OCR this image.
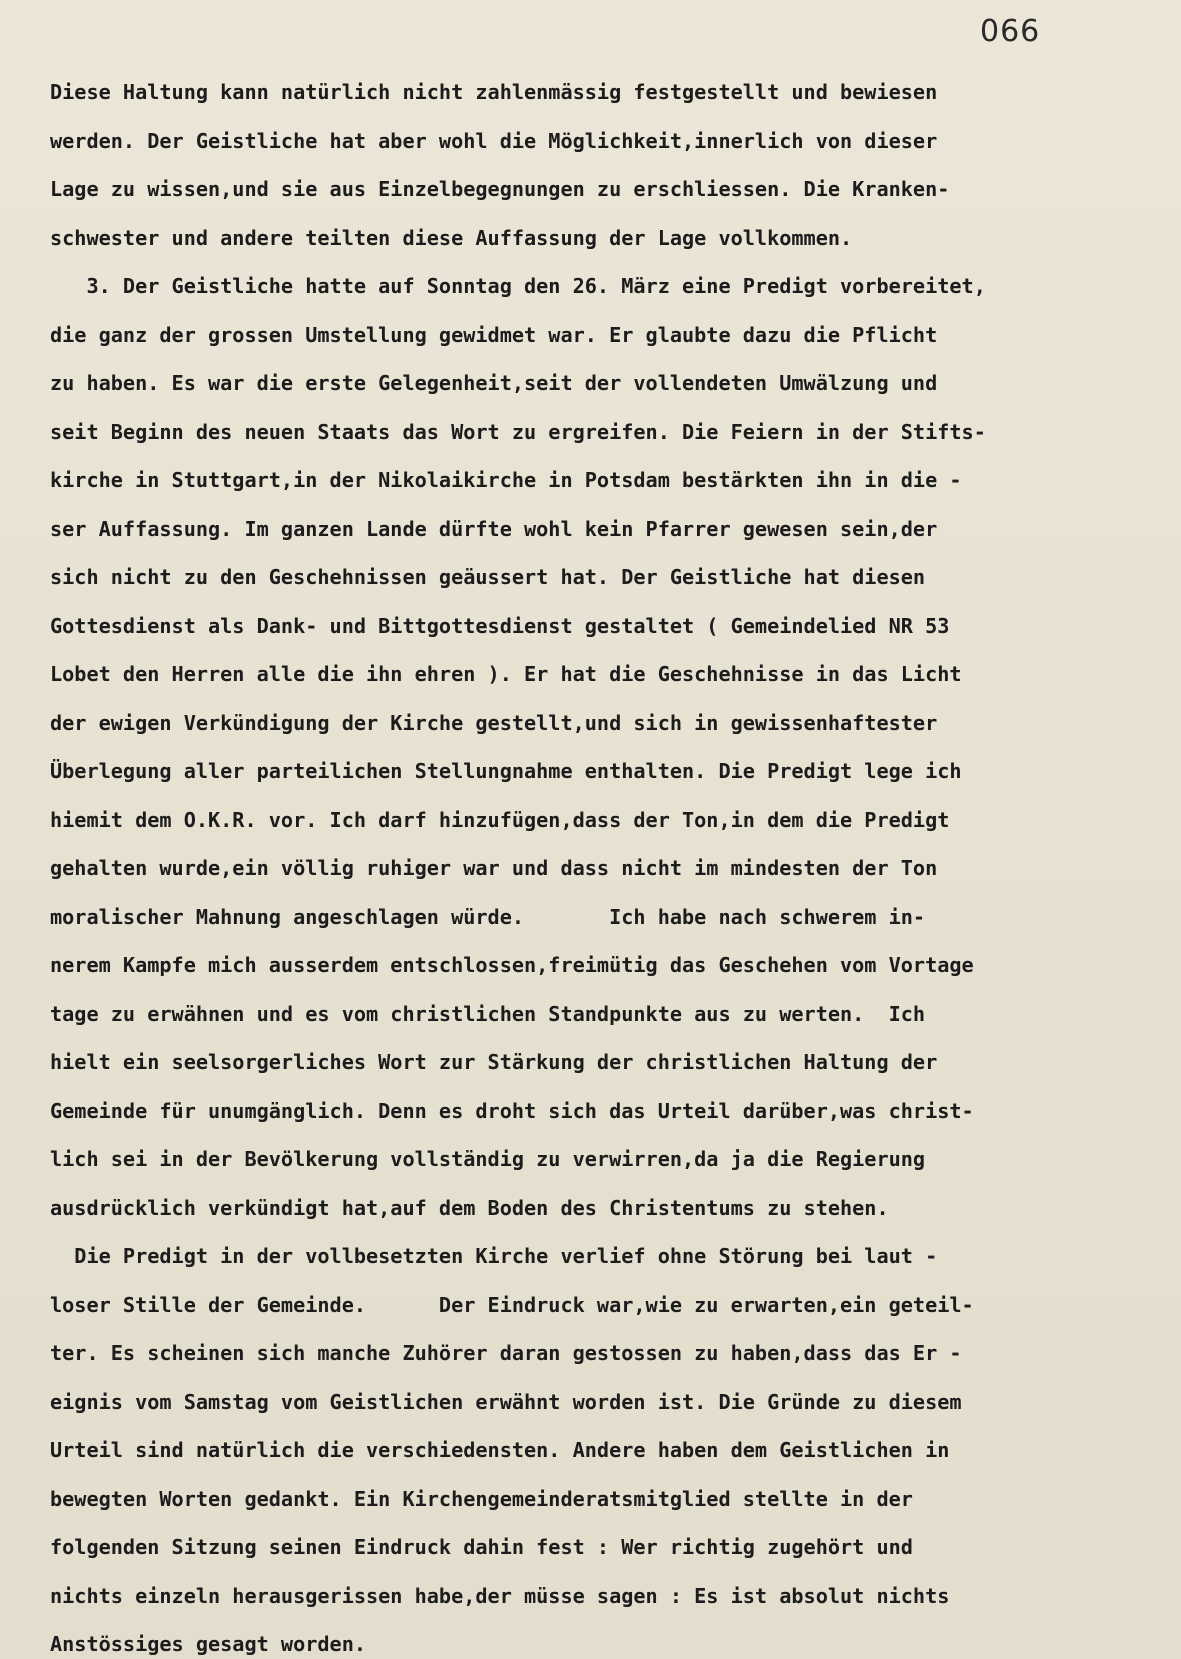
066
Diese Haltung kann natürlich nicht zahlenmässig festgestellt und bewiesen
werden. Der Geistliche hat aber wohl die Möglichkeit,innerlich von dieser
Lage zu wissen,und sie aus Einzelbegegnungen zu erschliessen. Die Kranken-
schwester und andere teilten diese Auffassung der Lage vollkommen.
3. Der Geistliche hatte auf Sonntag den 26. März eine Predigt vorbereitet,
die ganz der grossen Umstellung gewidmet war. Er glaubte dazu die Pflicht
zu haben. Es war die erste Gelegenheit,seit der vollendeten Umwälzung und
seit Beginn des neuen Staats das Wort zu ergreifen. Die Feiern in der Stifts-
kirche in Stuttgart,in der Nikolaikirche in Potsdam bestärkten ihn in die -
ser Auffassung. Im ganzen Lande dürfte wohl kein Pfarrer gewesen sein,der
sich nicht zu den Geschehnissen geäussert hat. Der Geistliche hat diesen
Gottesdienst als Dank- und Bittgottesdienst gestaltet ( Gemeindelied NR 53
Lobet den Herren alle die ihn ehren ). Er hat die Geschehnisse in das Licht
der ewigen Verkündigung der Kirche gestellt,und sich in gewissenhaftester
Überlegung aller parteilichen Stellungnahme enthalten. Die Predigt lege ich
hiemit dem O.K.R. vor. Ich darf hinzufügen,dass der Ton,in dem die Predigt
gehalten wurde,ein völlig ruhiger war und dass nicht im mindesten der Ton
moralischer Mahnung angeschlagen würde.       Ich habe nach schwerem in-
nerem Kampfe mich ausserdem entschlossen,freimütig das Geschehen vom Vortage
tage zu erwähnen und es vom christlichen Standpunkte aus zu werten.  Ich
hielt ein seelsorgerliches Wort zur Stärkung der christlichen Haltung der
Gemeinde für unumgänglich. Denn es droht sich das Urteil darüber,was christ-
lich sei in der Bevölkerung vollständig zu verwirren,da ja die Regierung
ausdrücklich verkündigt hat,auf dem Boden des Christentums zu stehen.
Die Predigt in der vollbesetzten Kirche verlief ohne Störung bei laut -
loser Stille der Gemeinde.      Der Eindruck war,wie zu erwarten,ein geteil-
ter. Es scheinen sich manche Zuhörer daran gestossen zu haben,dass das Er -
eignis vom Samstag vom Geistlichen erwähnt worden ist. Die Gründe zu diesem
Urteil sind natürlich die verschiedensten. Andere haben dem Geistlichen in
bewegten Worten gedankt. Ein Kirchengemeinderatsmitglied stellte in der
folgenden Sitzung seinen Eindruck dahin fest : Wer richtig zugehört und
nichts einzeln herausgerissen habe,der müsse sagen : Es ist absolut nichts
Anstössiges gesagt worden.
